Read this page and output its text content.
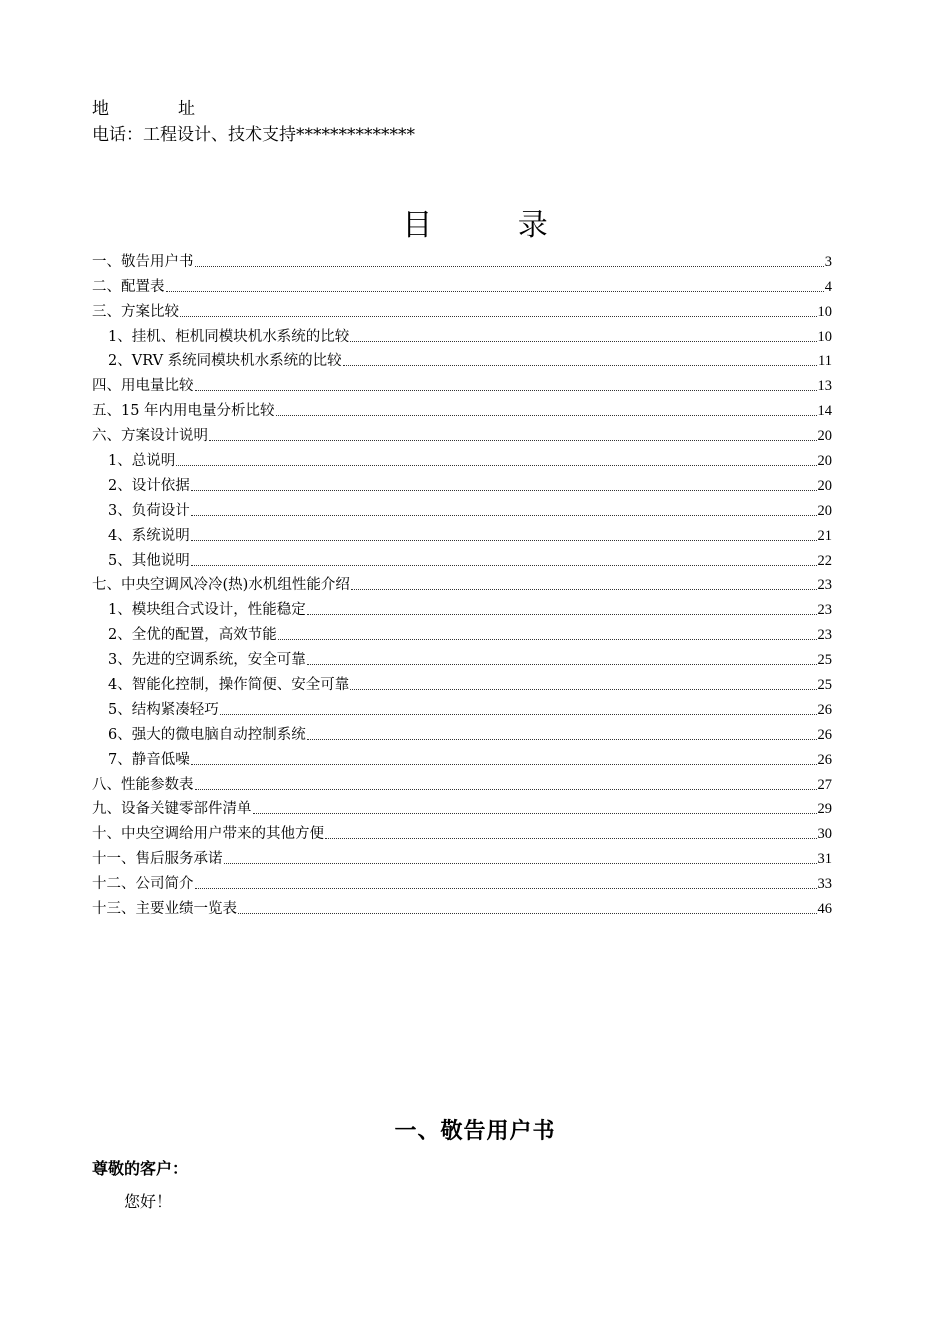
地	址
电话：工程设计、技术支持**************
目 录
一、敬告用户书	3
二、配置表	4
三、方案比较	10
1、挂机、柜机同模块机水系统的比较	10
2、VRV 系统同模块机水系统的比较	11
四、用电量比较	13
五、15 年内用电量分析比较	14
六、方案设计说明	20
1、总说明	20
2、设计依据	20
3、负荷设计	20
4、系统说明	21
5、其他说明	22
七、中央空调风冷冷(热)水机组性能介绍	23
1、模块组合式设计，性能稳定	23
2、全优的配置，高效节能	23
3、先进的空调系统，安全可靠	25
4、智能化控制，操作简便、安全可靠	25
5、结构紧凑轻巧	26
6、强大的微电脑自动控制系统	26
7、静音低噪	26
八、性能参数表	27
九、设备关键零部件清单	29
十、中央空调给用户带来的其他方便	30
十一、售后服务承诺	31
十二、公司简介	33
十三、主要业绩一览表	46
一、敬告用户书
尊敬的客户：
您好！
